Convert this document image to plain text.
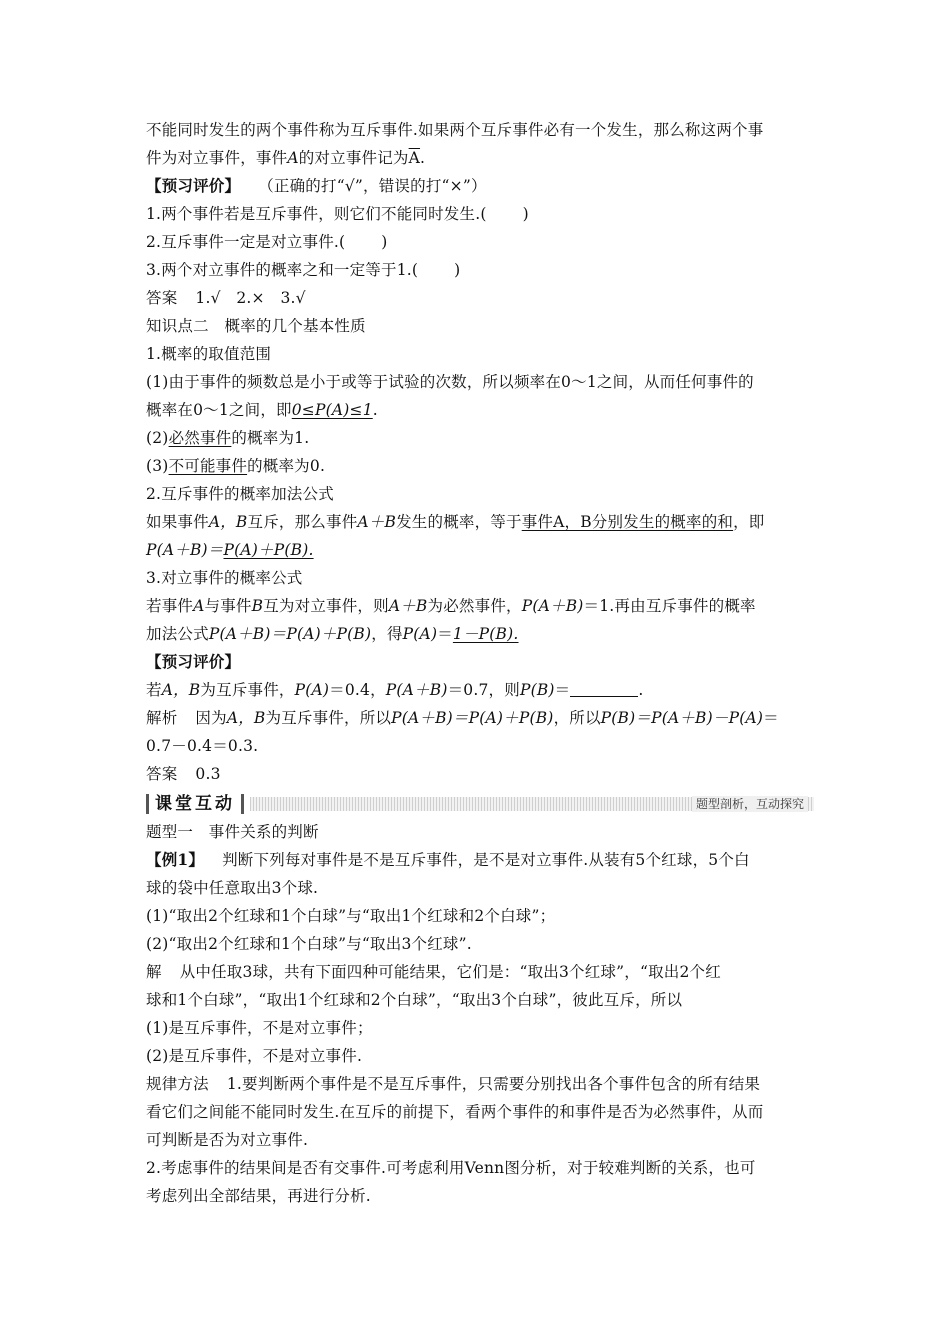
不能同时发生的两个事件称为互斥事件.如果两个互斥事件必有一个发生，那么称这两个事
件为对立事件，事件A的对立事件记为$\overline{A}$.
【预习评价】 （正确的打“√”，错误的打“×”）
1.两个事件若是互斥事件，则它们不能同时发生.( )
2.互斥事件一定是对立事件.( )
3.两个对立事件的概率之和一定等于1.( )
答案 1.√　2.×　3.√
知识点二　概率的几个基本性质
1.概率的取值范围
(1)由于事件的频数总是小于或等于试验的次数，所以频率在0～1之间，从而任何事件的
概率在0～1之间，即0≤P(A)≤1.
(2)必然事件的概率为1.
(3)不可能事件的概率为0.
2.互斥事件的概率加法公式
如果事件A，B互斥，那么事件A＋B发生的概率，等于事件A，B分别发生的概率的和，即
P(A＋B)＝P(A)＋P(B).
3.对立事件的概率公式
若事件A与事件B互为对立事件，则A＋B为必然事件，P(A＋B)＝1.再由互斥事件的概率
加法公式P(A＋B)＝P(A)＋P(B)，得P(A)＝1－P(B).
【预习评价】
若A，B为互斥事件，P(A)＝0.4，P(A＋B)＝0.7，则P(B)＝	.
解析 因为A，B为互斥事件，所以P(A＋B)＝P(A)＋P(B)，所以P(B)＝P(A＋B)－P(A)＝
0.7－0.4＝0.3.
答案 0.3
课堂互动	题型剖析，互动探究
题型一　事件关系的判断
【例1】 判断下列每对事件是不是互斥事件，是不是对立事件.从装有5个红球，5个白
球的袋中任意取出3个球.
(1)“取出2个红球和1个白球”与“取出1个红球和2个白球”；
(2)“取出2个红球和1个白球”与“取出3个红球”.
解 从中任取3球，共有下面四种可能结果，它们是：“取出3个红球”，“取出2个红
球和1个白球”，“取出1个红球和2个白球”，“取出3个白球”，彼此互斥，所以
(1)是互斥事件，不是对立事件；
(2)是互斥事件，不是对立事件.
规律方法 1.要判断两个事件是不是互斥事件，只需要分别找出各个事件包含的所有结果
看它们之间能不能同时发生.在互斥的前提下，看两个事件的和事件是否为必然事件，从而
可判断是否为对立事件.
2.考虑事件的结果间是否有交事件.可考虑利用Venn图分析，对于较难判断的关系，也可
考虑列出全部结果，再进行分析.
